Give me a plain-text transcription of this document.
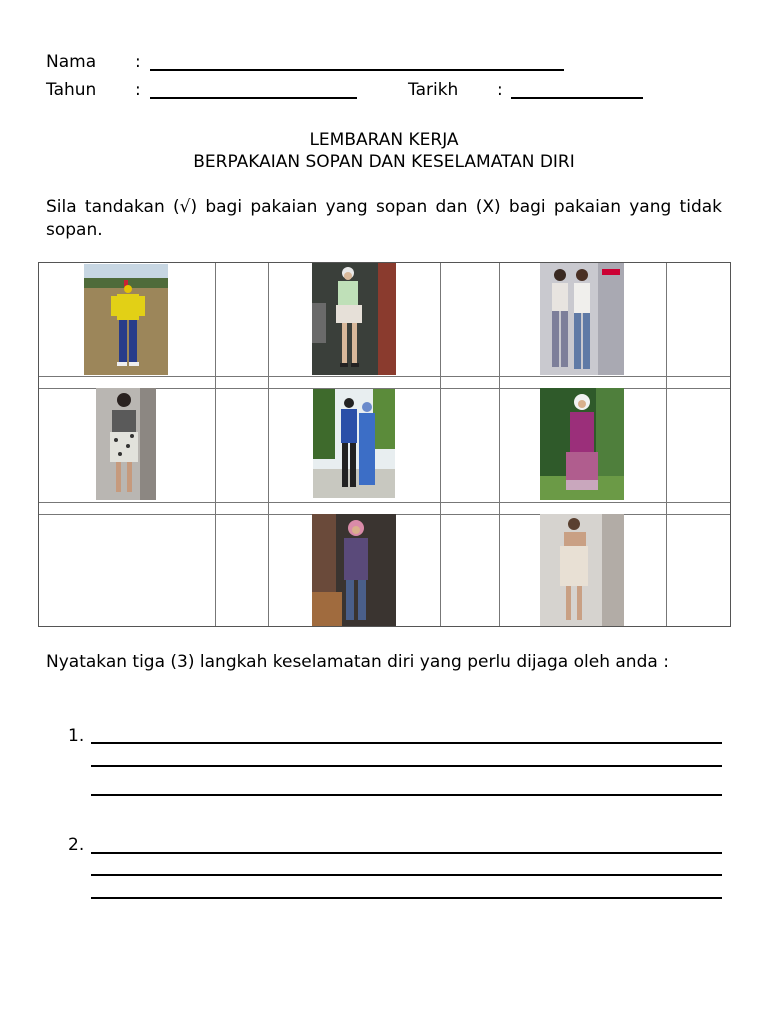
Nama :
Tahun :	Tarikh :
LEMBARAN KERJA
BERPAKAIAN SOPAN DAN KESELAMATAN DIRI
Sila tandakan (√) bagi pakaian yang sopan dan (X) bagi pakaian yang tidak sopan.
Nyatakan tiga (3) langkah keselamatan diri yang perlu dijaga oleh anda :
1.
2.
